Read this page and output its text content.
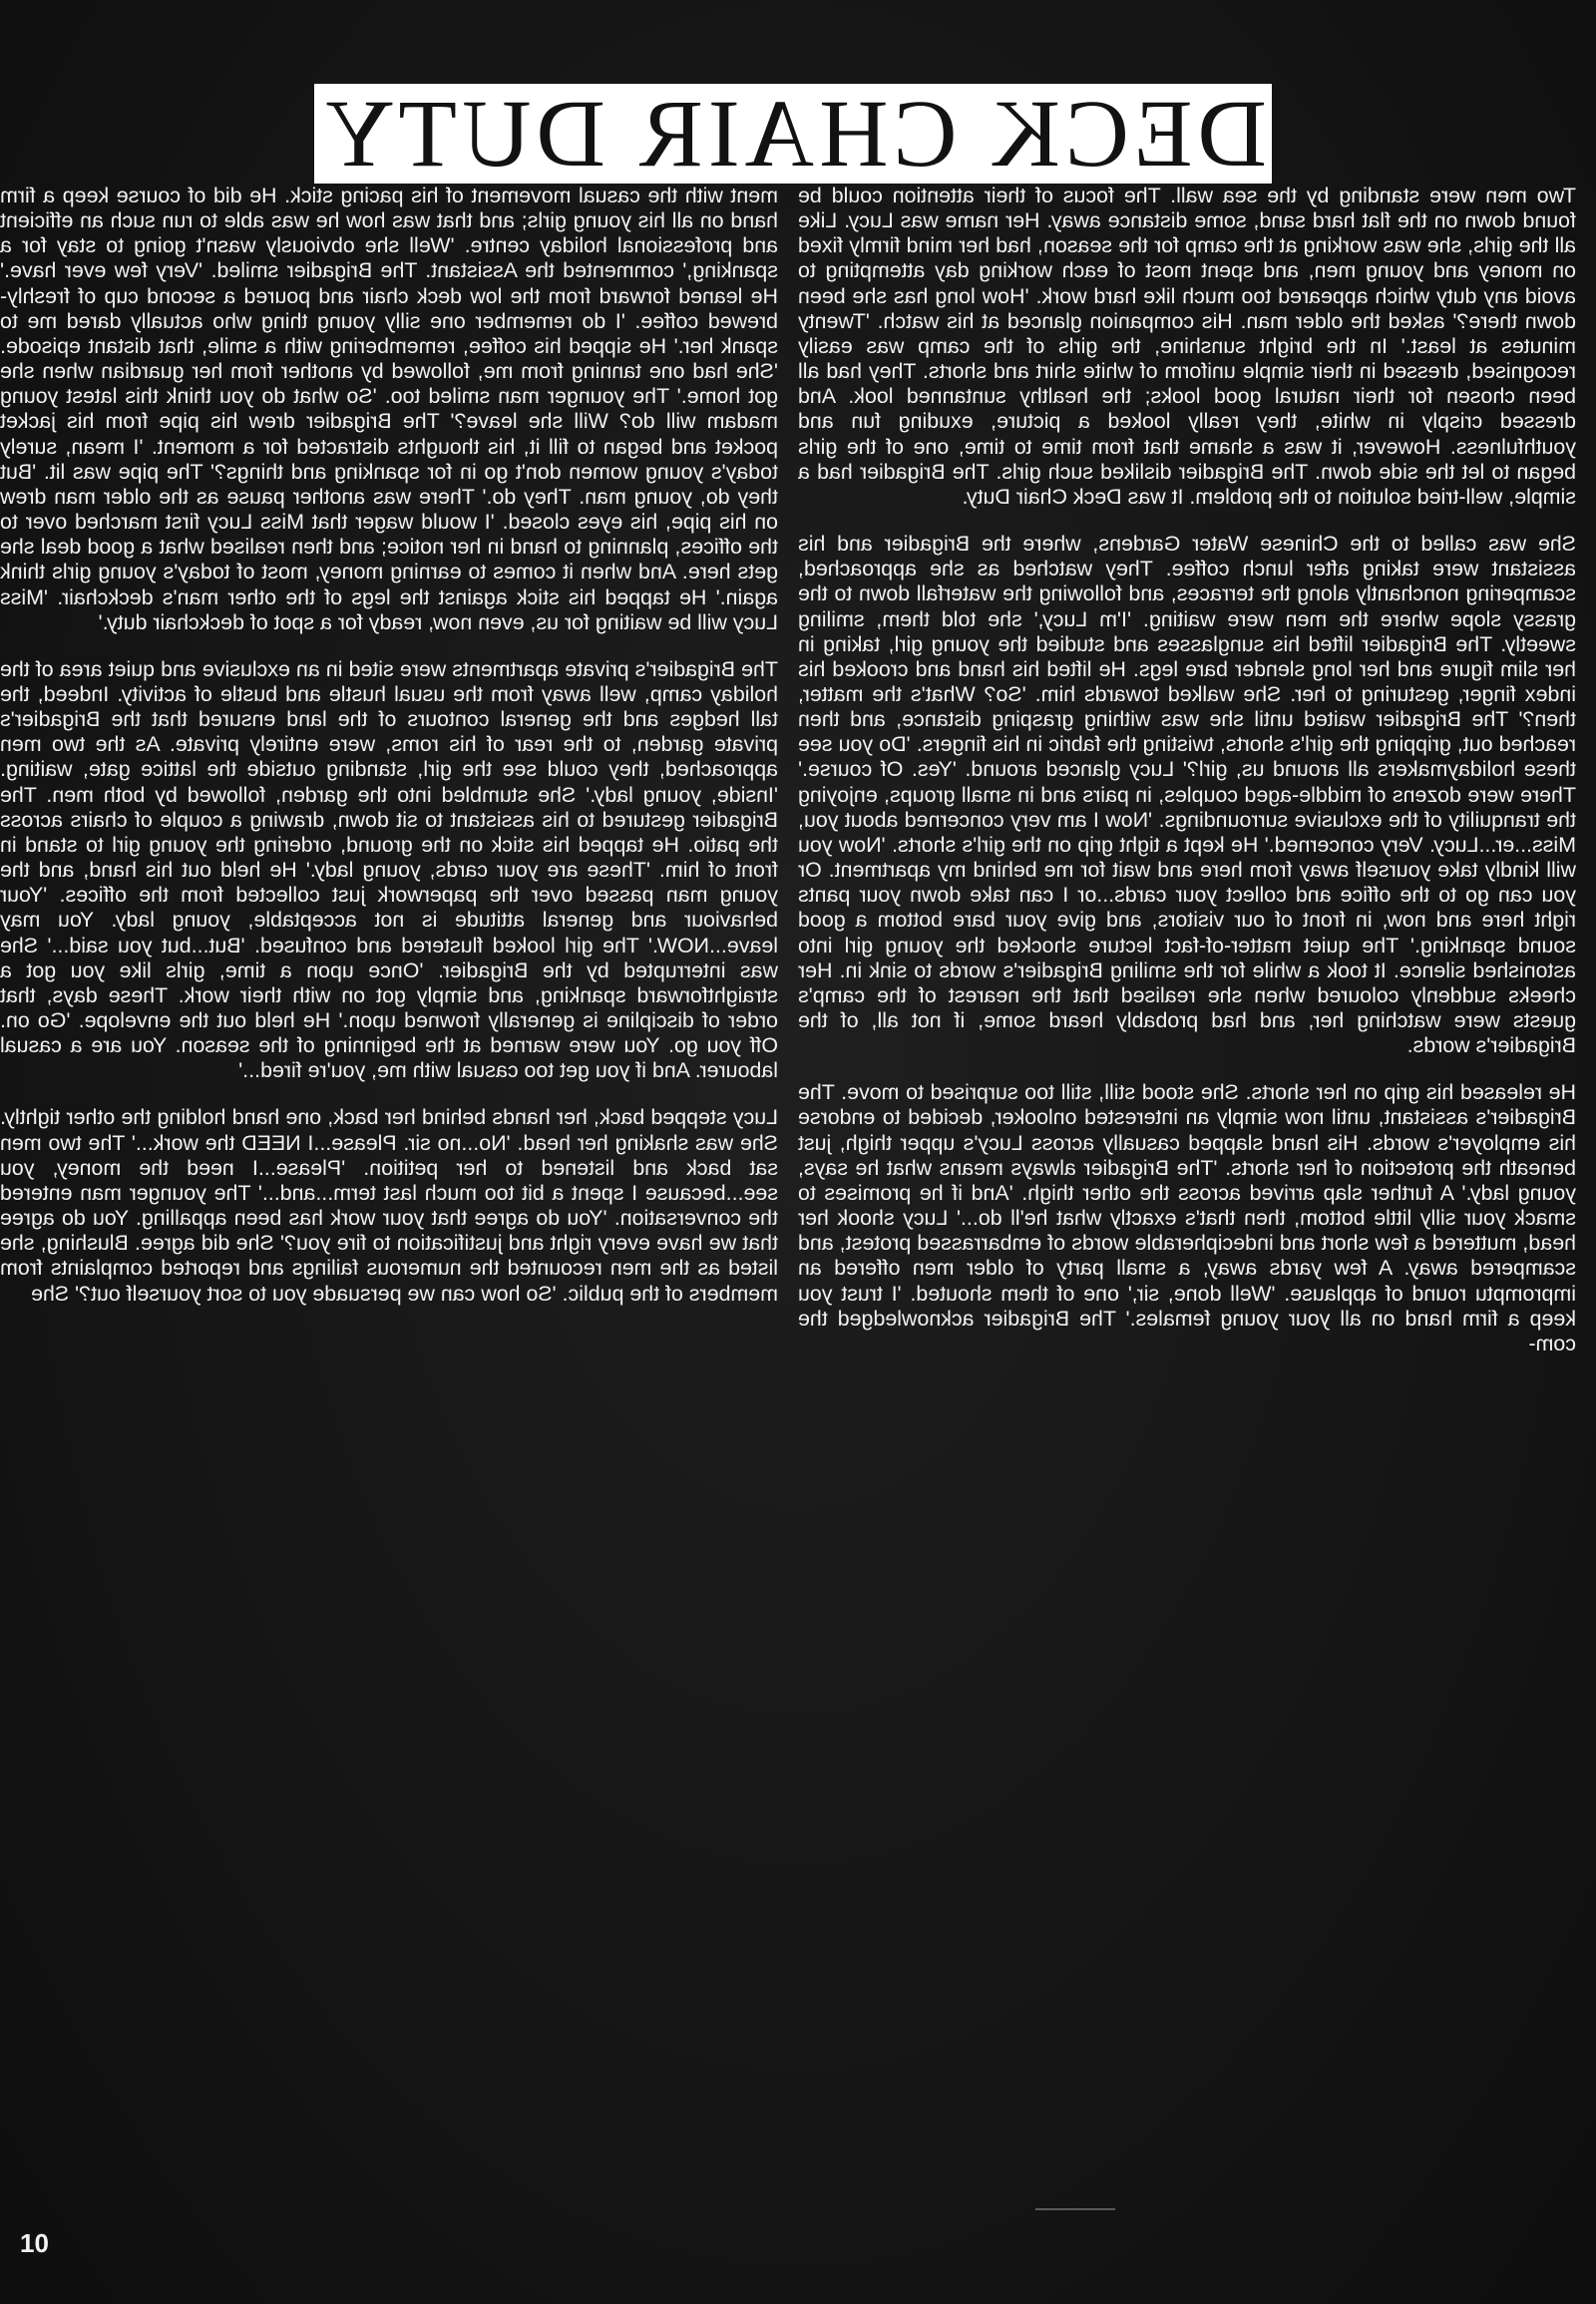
DECK CHAIR DUTY

Two men were standing by the sea wall. The focus of their attention could be found down on the flat hard sand, some distance away. Her name was Lucy. Like all the girls, she was working at the camp for the season, had her mind firmly fixed on money and young men, and spent most of each working day attempting to avoid any duty which appeared too much like hard work. 'How long has she been down there?' asked the older man. His companion glanced at his watch. 'Twenty minutes at least.' In the bright sunshine, the girls of the camp was easily recognised, dressed in their simple uniform of white shirt and shorts. They had all been chosen for their natural good looks; the healthy suntanned look. And dressed crisply in white, they really looked a picture, exuding fun and youthfulness. However, it was a shame that from time to time, one of the girls began to let the side down. The Brigadier disliked such girls. The Brigadier had a simple, well-tried solution to the problem. It was Deck Chair Duty.

She was called to the Chinese Water Gardens, where the Brigadier and his assistant were taking after lunch coffee. They watched as she approached, scampering nonchantly along the terraces, and following the waterfall down to the grassy slope where the men were waiting. 'I'm Lucy,' she told them, smiling sweetly. The Brigadier lifted his sunglasses and studied the young girl, taking in her slim figure and her long slender bare legs. He lifted his hand and crooked his index finger, gesturing to her. She walked towards him. 'So? What's the matter, then?' The Brigadier waited until she was withing grasping distance, and then reached out, gripping the girl's shorts, twisting the fabric in his fingers. 'Do you see these holidaymakers all around us, girl?' Lucy glanced around. 'Yes. Of course.' There were dozens of middle-aged couples, in pairs and in small groups, enjoying the tranquility of the exclusive surroundings. 'Now I am very concerned about you, Miss...er...Lucy. Very concerned.' He kept a tight grip on the girl's shorts. 'Now you will kindly take yourself away from here and wait for me behind my apartment. Or you can go to the office and collect your cards...or I can take down your pants right here and now, in front of our visitors, and give your bare bottom a good sound spanking.' The quiet matter-of-fact lecture shocked the young girl into astonished silence. It took a while for the smiling Brigadier's words to sink in. Her cheeks suddenly coloured when she realised that the nearest of the camp's guests were watching her, and had probably heard some, if not all, of the Brigadier's words.

He released his grip on her shorts. She stood still, still too surprised to move. The Brigadier's assistant, until now simply an interested onlooker, decided to endorse his employer's words. His hand slapped casually across Lucy's upper thigh, just beneath the protection of her shorts. 'The Brigadier always means what he says, young lady.' A further slap arrived across the other thigh. 'And if he promises to smack your silly little bottom, then that's exactly what he'll do...' Lucy shook her head, muttered a few short and indecipherable words of embarrassed protest, and scampered away. A few yards away, a small party of older men offered an impromptu round of applause. 'Well done, sir,' one of them shouted. 'I trust you keep a firm hand on all your young females.' The Brigadier acknowledged the com-

ment with the casual movement of his pacing stick. He did of course keep a firm hand on all his young girls; and that was how he was able to run such an efficient and professional holiday centre. 'Well she obviously wasn't going to stay for a spanking,' commented the Assistant. The Brigadier smiled. 'Very few ever have.' He leaned forward from the low deck chair and poured a second cup of freshly-brewed coffee. 'I do remember one silly young thing who actually dared me to spank her.' He sipped his coffee, remembering with a smile, that distant episode. 'She had one tanning from me, followed by another from her guardian when she got home.' The younger man smiled too. 'So what do you think this latest young madam will do? Will she leave?' The Brigadier drew his pipe from his jacket pocket and began to fill it, his thoughts distracted for a moment. 'I mean, surely today's young women don't go in for spanking and things?' The pipe was lit. 'But they do, young man. They do.' There was another pause as the older man drew on his pipe, his eyes closed. 'I would wager that Miss Lucy first marched over to the offices, planning to hand in her notice; and then realised what a good deal she gets here. And when it comes to earning money, most of today's young girls think again.' He tapped his stick against the legs of the other man's deckchair. 'Miss Lucy will be waiting for us, even now, ready for a spot of deckchair duty.'

The Brigadier's private apartments were sited in an exclusive and quiet area of the holiday camp, well away from the usual hustle and bustle of activity. Indeed, the tall hedges and the general contours of the land ensured that the Brigadier's private garden, to the rear of his roms, were entirely private. As the two men approached, they could see the girl, standing outside the lattice gate, waiting. 'Inside, young lady.' She stumbled into the garden, followed by both men. The Brigadier gestured to his assistant to sit down, drawing a couple of chairs across the patio. He tapped his stick on the ground, ordering the young girl to stand in front of him. 'These are your cards, young lady.' He held out his hand, and the young man passed over the paperwork just collected from the offices. 'Your behaviour and general attitude is not acceptable, young lady. You may leave...NOW.' The girl looked flustered and confused. 'But...but you said...' She was interrupted by the Brigadier. 'Once upon a time, girls like you got a straightforward spanking, and simply got on with their work. These days, that order of discipline is generally frowned upon.' He held out the envelope. 'Go on. Off you go. You were warned at the beginning of the season. You are a casual labourer. And if you get too casual with me, you're fired...'

Lucy stepped back, her hands behind her back, one hand holding the other tightly. She was shaking her head. 'No...no sir. Please...I NEED the work...' The two men sat back and listened to her petition. 'Please...I need the money, you see...because I spent a bit too much last term...and...' The younger man entered the conversation. 'You do agree that your work has been appalling. You do agree that we have every right and justification to fire you?' She did agree. Blushing, she listed as the men recounted the numerous failings and reported complaints from members of the public. 'So how can we persuade you to sort yourself out?' She

10
